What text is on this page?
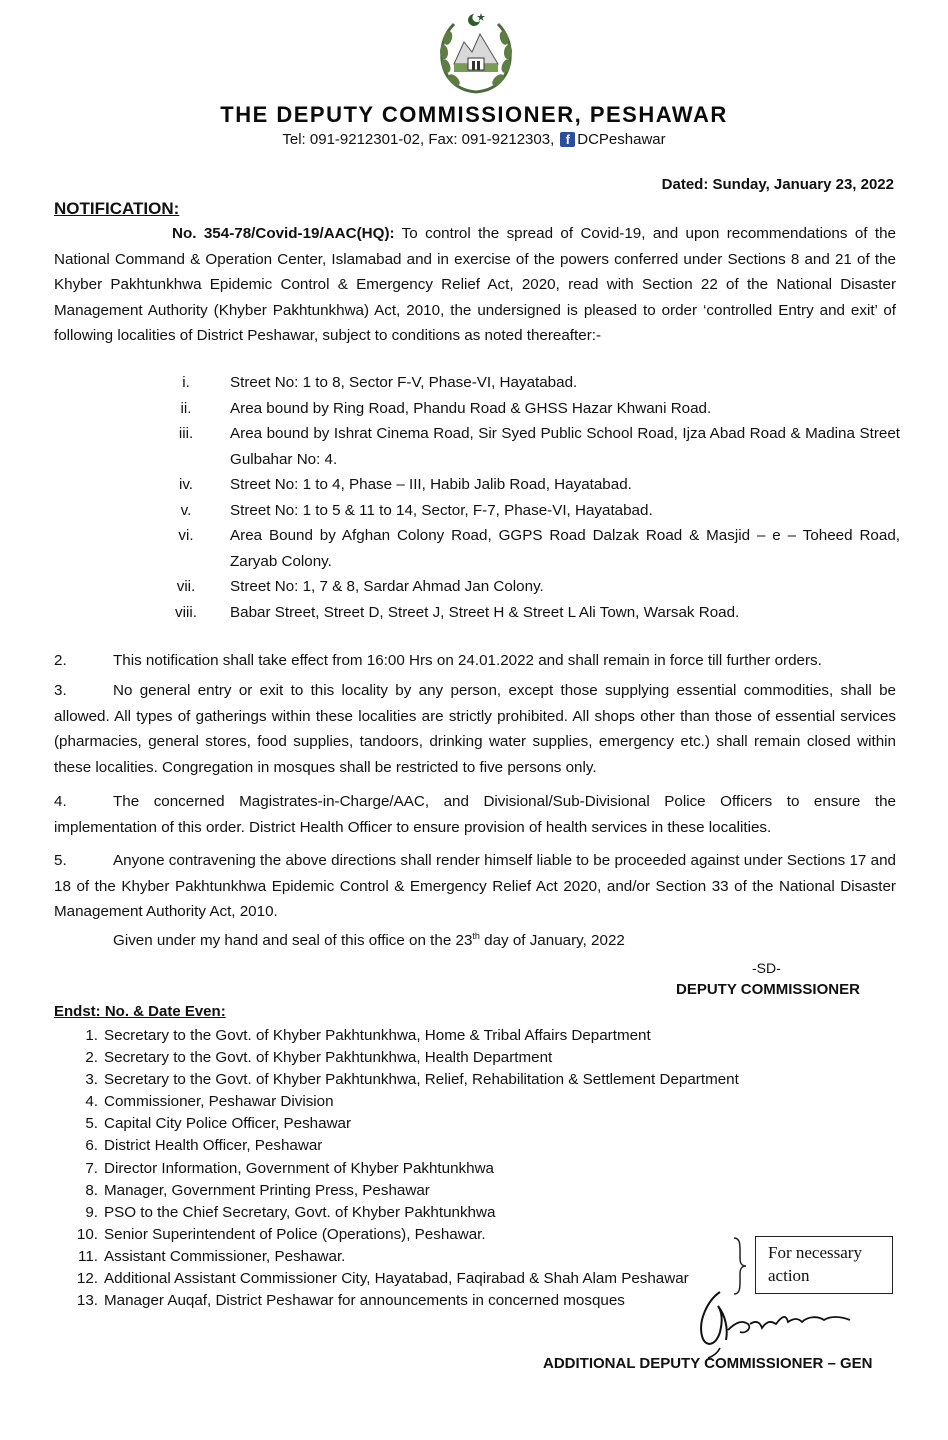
THE DEPUTY COMMISSIONER, PESHAWAR
Tel: 091-9212301-02, Fax: 091-9212303, f DCPeshawar
Dated: Sunday, January 23, 2022
NOTIFICATION:
No. 354-78/Covid-19/AAC(HQ): To control the spread of Covid-19, and upon recommendations of the National Command & Operation Center, Islamabad and in exercise of the powers conferred under Sections 8 and 21 of the Khyber Pakhtunkhwa Epidemic Control & Emergency Relief Act, 2020, read with Section 22 of the National Disaster Management Authority (Khyber Pakhtunkhwa) Act, 2010, the undersigned is pleased to order ‘controlled Entry and exit’ of following localities of District Peshawar, subject to conditions as noted thereafter:-
i.	Street No: 1 to 8, Sector F-V, Phase-VI, Hayatabad.
ii.	Area bound by Ring Road, Phandu Road & GHSS Hazar Khwani Road.
iii.	Area bound by Ishrat Cinema Road, Sir Syed Public School Road, Ijza Abad Road & Madina Street Gulbahar No: 4.
iv.	Street No: 1 to 4, Phase – III, Habib Jalib Road, Hayatabad.
v.	Street No: 1 to 5 & 11 to 14, Sector, F-7, Phase-VI, Hayatabad.
vi.	Area Bound by Afghan Colony Road, GGPS Road Dalzak Road & Masjid – e – Toheed Road, Zaryab Colony.
vii.	Street No: 1, 7 & 8, Sardar Ahmad Jan Colony.
viii.	Babar Street, Street D, Street J, Street H & Street L Ali Town, Warsak Road.
2.	This notification shall take effect from 16:00 Hrs on 24.01.2022 and shall remain in force till further orders.
3.	No general entry or exit to this locality by any person, except those supplying essential commodities, shall be allowed. All types of gatherings within these localities are strictly prohibited. All shops other than those of essential services (pharmacies, general stores, food supplies, tandoors, drinking water supplies, emergency etc.) shall remain closed within these localities. Congregation in mosques shall be restricted to five persons only.
4.	The concerned Magistrates-in-Charge/AAC, and Divisional/Sub-Divisional Police Officers to ensure the implementation of this order. District Health Officer to ensure provision of health services in these localities.
5.	Anyone contravening the above directions shall render himself liable to be proceeded against under Sections 17 and 18 of the Khyber Pakhtunkhwa Epidemic Control & Emergency Relief Act 2020, and/or Section 33 of the National Disaster Management Authority Act, 2010.
Given under my hand and seal of this office on the 23th day of January, 2022
-SD-
DEPUTY COMMISSIONER
Endst: No. & Date Even:
1. Secretary to the Govt. of Khyber Pakhtunkhwa, Home & Tribal Affairs Department
2. Secretary to the Govt. of Khyber Pakhtunkhwa, Health Department
3. Secretary to the Govt. of Khyber Pakhtunkhwa, Relief, Rehabilitation & Settlement Department
4. Commissioner, Peshawar Division
5. Capital City Police Officer, Peshawar
6. District Health Officer, Peshawar
7. Director Information, Government of Khyber Pakhtunkhwa
8. Manager, Government Printing Press, Peshawar
9. PSO to the Chief Secretary, Govt. of Khyber Pakhtunkhwa
10. Senior Superintendent of Police (Operations), Peshawar.
11. Assistant Commissioner, Peshawar.
12. Additional Assistant Commissioner City, Hayatabad, Faqirabad & Shah Alam Peshawar
13. Manager Auqaf, District Peshawar for announcements in concerned mosques
For necessary action
ADDITIONAL DEPUTY COMMISSIONER – GEN
